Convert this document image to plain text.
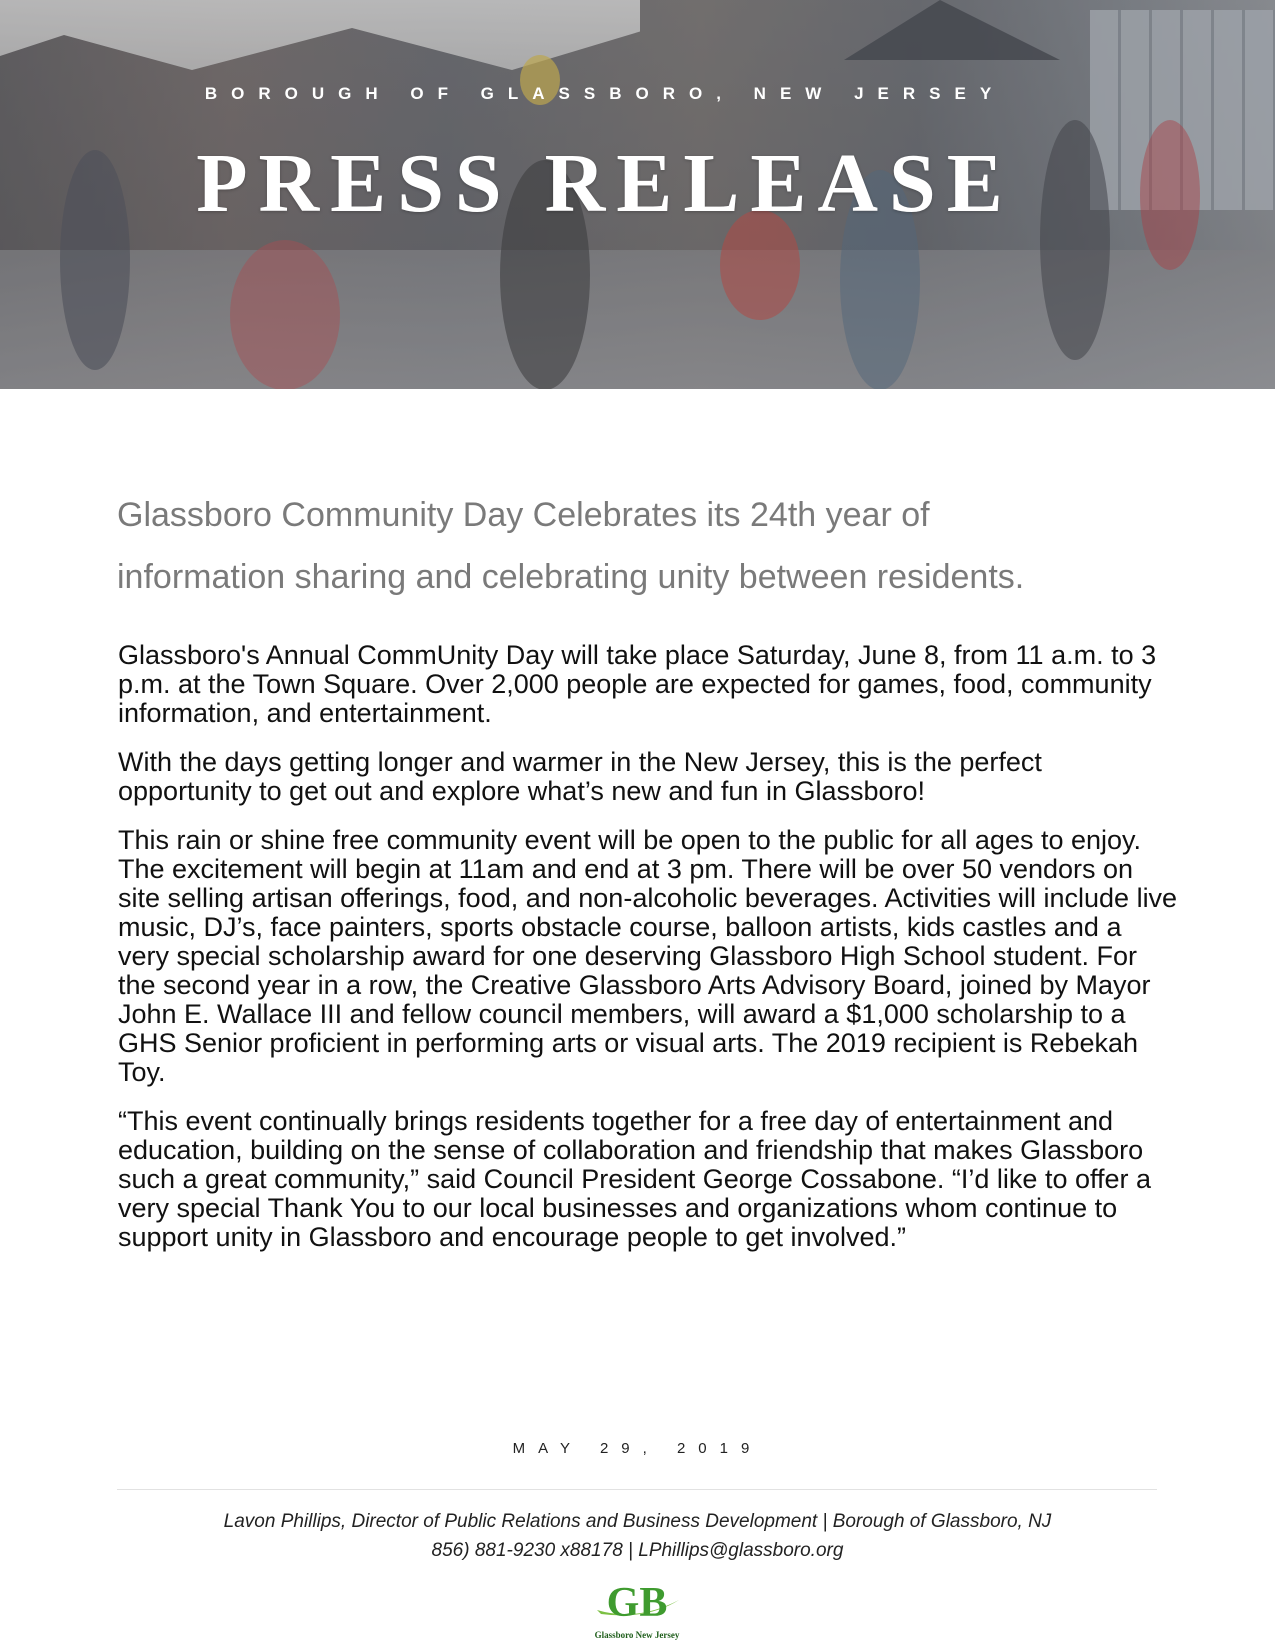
BOROUGH OF GLASSBORO, NEW JERSEY
PRESS RELEASE
Glassboro Community Day Celebrates its 24th year of
information sharing and celebrating unity between residents.

Glassboro's Annual CommUnity Day will take place Saturday, June 8, from 11 a.m. to 3 p.m. at the Town Square. Over 2,000 people are expected for games, food, community information, and entertainment.

With the days getting longer and warmer in the New Jersey, this is the perfect opportunity to get out and explore what’s new and fun in Glassboro!

This rain or shine free community event will be open to the public for all ages to enjoy. The excitement will begin at 11am and end at 3 pm. There will be over 50 vendors on site selling artisan offerings, food, and non-alcoholic beverages. Activities will include live music, DJ’s, face painters, sports obstacle course, balloon artists, kids castles and a very special scholarship award for one deserving Glassboro High School student. For the second year in a row, the Creative Glassboro Arts Advisory Board, joined by Mayor John E. Wallace III and fellow council members, will award a $1,000 scholarship to a GHS Senior proficient in performing arts or visual arts. The 2019 recipient is Rebekah Toy.

“This event continually brings residents together for a free day of entertainment and education, building on the sense of collaboration and friendship that makes Glassboro such a great community,” said Council President George Cossabone. “I’d like to offer a very special Thank You to our local businesses and organizations whom continue to support unity in Glassboro and encourage people to get involved.”

MAY 29, 2019
Lavon Phillips, Director of Public Relations and Business Development | Borough of Glassboro, NJ
856) 881-9230 x88178 | LPhillips@glassboro.org
GB
Glassboro New Jersey
